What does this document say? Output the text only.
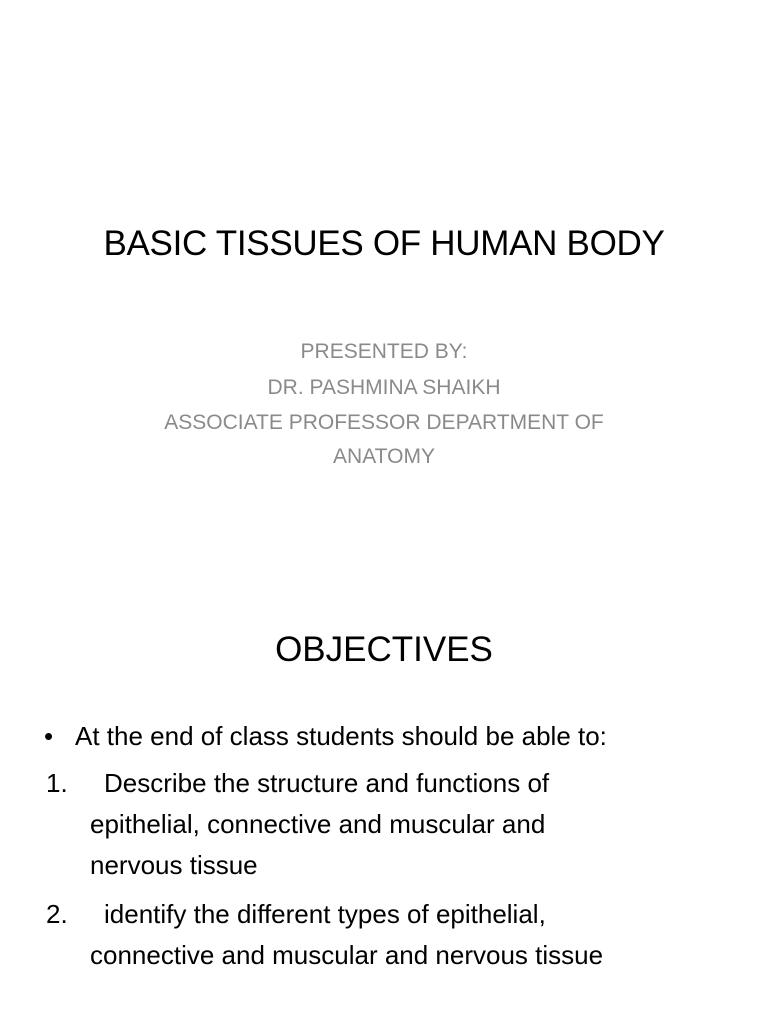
BASIC TISSUES OF HUMAN BODY
PRESENTED BY:
DR. PASHMINA SHAIKH
ASSOCIATE PROFESSOR DEPARTMENT OF
ANATOMY
OBJECTIVES
• At the end of class students should be able to:
1.	Describe the structure and functions of
epithelial, connective and muscular and
nervous tissue
2.	identify the different types of epithelial,
connective and muscular and nervous tissue
